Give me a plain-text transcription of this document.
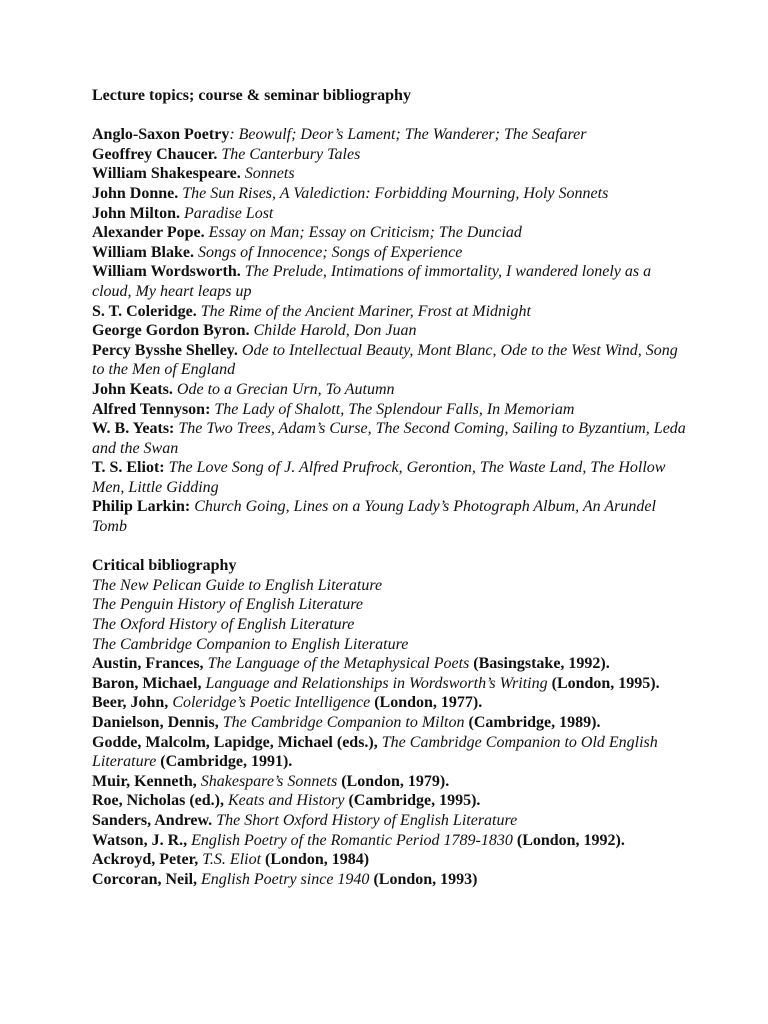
Lecture topics; course & seminar bibliography

Anglo-Saxon Poetry: Beowulf; Deor’s Lament; The Wanderer; The Seafarer

Geoffrey Chaucer. The Canterbury Tales

William Shakespeare. Sonnets

John Donne. The Sun Rises, A Valediction: Forbidding Mourning, Holy Sonnets

John Milton. Paradise Lost

Alexander Pope. Essay on Man; Essay on Criticism; The Dunciad

William Blake. Songs of Innocence; Songs of Experience

William Wordsworth. The Prelude, Intimations of immortality, I wandered lonely as a cloud, My heart leaps up

S. T. Coleridge. The Rime of the Ancient Mariner, Frost at Midnight

George Gordon Byron. Childe Harold, Don Juan

Percy Bysshe Shelley. Ode to Intellectual Beauty, Mont Blanc, Ode to the West Wind, Song to the Men of England

John Keats. Ode to a Grecian Urn, To Autumn

Alfred Tennyson: The Lady of Shalott, The Splendour Falls, In Memoriam

W. B. Yeats: The Two Trees, Adam’s Curse, The Second Coming, Sailing to Byzantium, Leda and the Swan

T. S. Eliot: The Love Song of J. Alfred Prufrock, Gerontion, The Waste Land, The Hollow Men, Little Gidding

Philip Larkin: Church Going, Lines on a Young Lady’s Photograph Album, An Arundel Tomb

Critical bibliography

The New Pelican Guide to English Literature

The Penguin History of English Literature

The Oxford History of English Literature

The Cambridge Companion to English Literature

Austin, Frances, The Language of the Metaphysical Poets (Basingstake, 1992).

Baron, Michael, Language and Relationships in Wordsworth’s Writing (London, 1995).

Beer, John, Coleridge’s Poetic Intelligence (London, 1977).

Danielson, Dennis, The Cambridge Companion to Milton (Cambridge, 1989).

Godde, Malcolm, Lapidge, Michael (eds.), The Cambridge Companion to Old English Literature (Cambridge, 1991).

Muir, Kenneth, Shakespare’s Sonnets (London, 1979).

Roe, Nicholas (ed.), Keats and History (Cambridge, 1995).

Sanders, Andrew. The Short Oxford History of English Literature

Watson, J. R., English Poetry of the Romantic Period 1789-1830 (London, 1992).

Ackroyd, Peter, T.S. Eliot (London, 1984)

Corcoran, Neil, English Poetry since 1940 (London, 1993)
